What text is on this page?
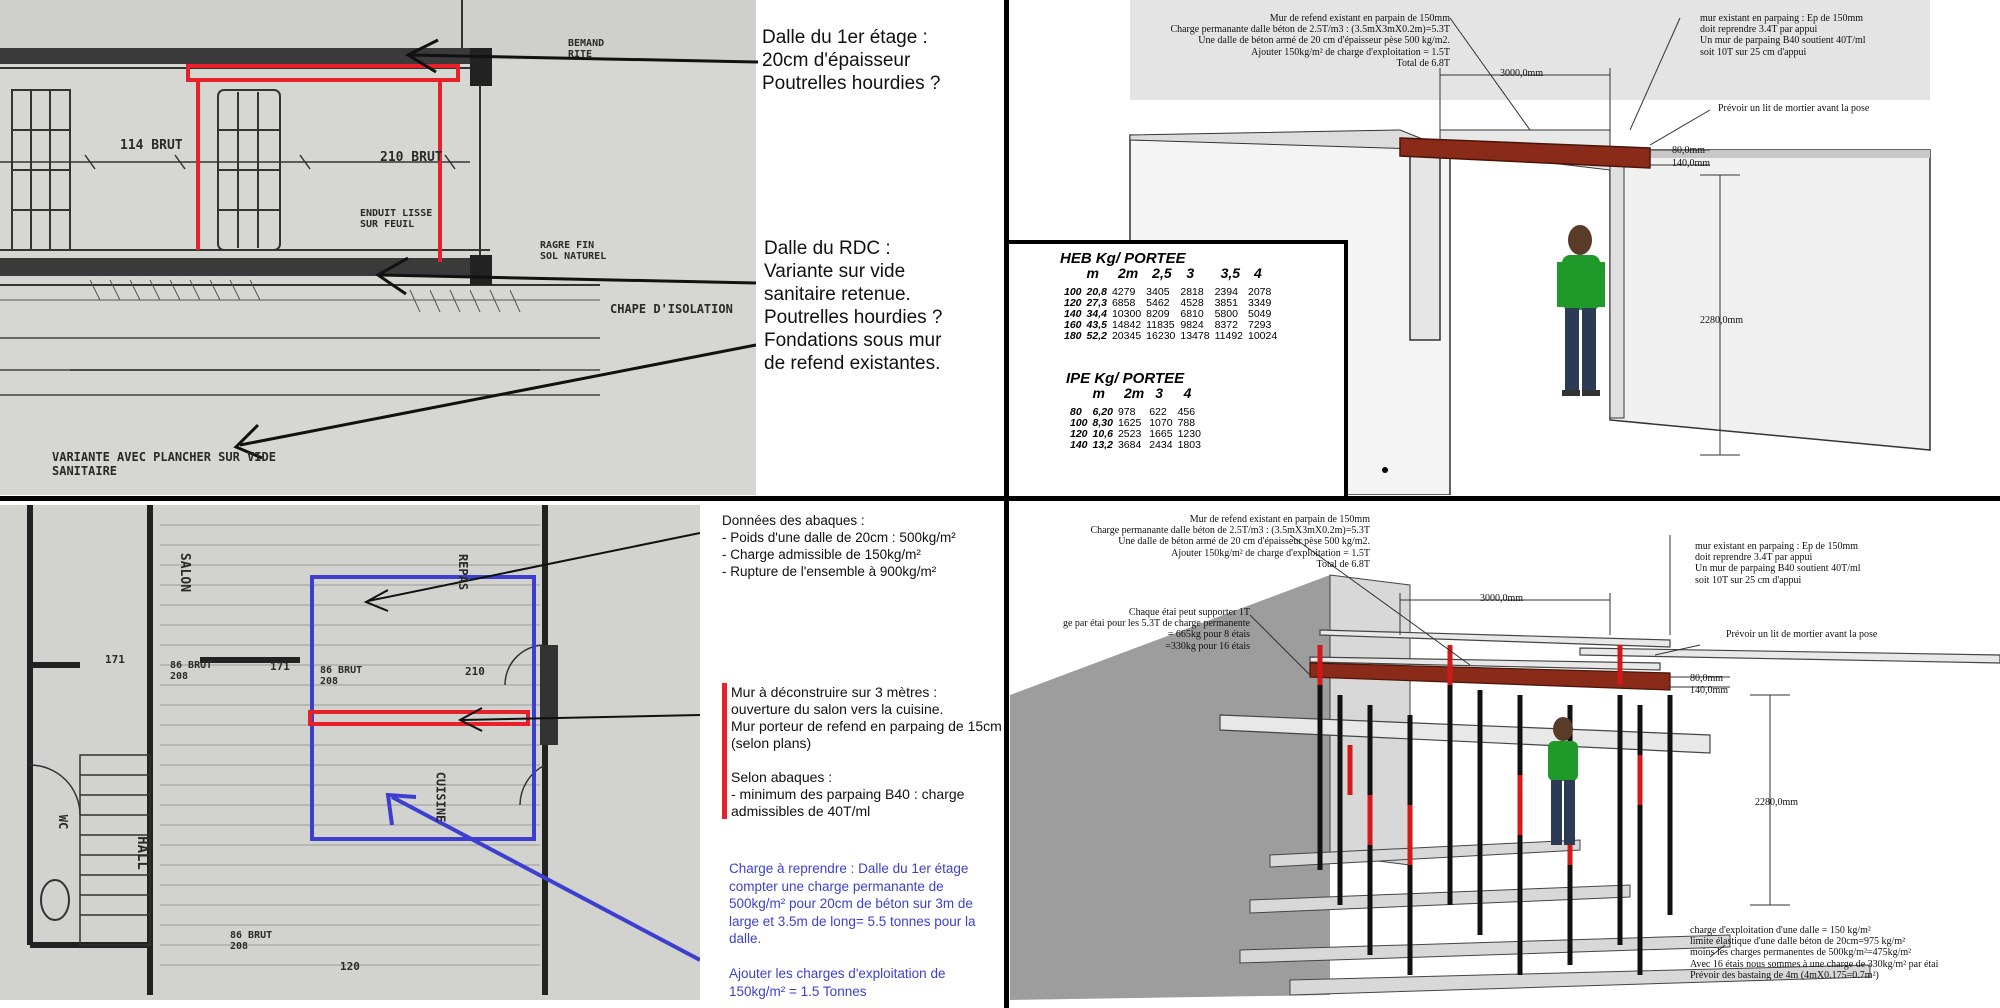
114 BRUT
210 BRUT
ENDUIT LISSE
SUR FEUIL
CHAPE D'ISOLATION
VARIANTE AVEC PLANCHER SUR VIDE
SANITAIRE
BEMAND
RITE
RAGRE FIN
SOL NATUREL
Dalle du 1er étage :
20cm d'épaisseur
Poutrelles hourdies ?
Dalle du RDC :
Variante sur vide
sanitaire retenue.
Poutrelles hourdies ?
Fondations sous mur
de refend existantes.
Mur de refend existant en parpain de 150mm
Charge permanante dalle béton de 2.5T/m3 : (3.5mX3mX0.2m)=5.3T
Une dalle de béton armé de 20 cm d'épaisseur pèse 500 kg/m2.
Ajouter 150kg/m² de charge d'exploitation = 1.5T
Total de 6.8T
mur existant en parpaing : Ep de 150mm
doit reprendre 3.4T par appui
Un mur de parpaing B40 soutient 40T/ml
soit 10T sur 25 cm d'appui
Prévoir un lit de mortier avant la pose
3000,0mm
80,0mm
140,0mm
2280,0mm
HEB Kg/ PORTEE
	m	2m	2,5	3	3,5	4
100	20,8	4279	3405	2818	2394	2078
120	27,3	6858	5462	4528	3851	3349
140	34,4	10300	8209	6810	5800	5049
160	43,5	14842	11835	9824	8372	7293
180	52,2	20345	16230	13478	11492	10024
IPE Kg/ PORTEE
	m	2m	3	4
80	6,20	978	622	456
100	8,30	1625	1070	788
120	10,6	2523	1665	1230
140	13,2	3684	2434	1803
SALON
HALL
CUISINE
REPAS
86 BRUT
208
86 BRUT
208
86 BRUT
208
120
171
171	210
WC
Données des abaques :
- Poids d'une dalle de 20cm : 500kg/m²
- Charge admissible de 150kg/m²
- Rupture de l'ensemble à 900kg/m²
Mur à déconstruire sur 3 mètres :
ouverture du salon vers la cuisine.
Mur porteur de refend en parpaing de 15cm
(selon plans)

Selon abaques :
- minimum des parpaing B40 : charge
admissibles de 40T/ml
Charge à reprendre : Dalle du 1er étage
compter une charge permanante de
500kg/m² pour 20cm de béton sur 3m de
large et 3.5m de long= 5.5 tonnes pour la
dalle.

Ajouter les charges d'exploitation de
150kg/m² = 1.5 Tonnes
Mur de refend existant en parpain de 150mm
Charge permanante dalle béton de 2.5T/m3 : (3.5mX3mX0.2m)=5.3T
Une dalle de béton armé de 20 cm d'épaisseur pèse 500 kg/m2.
Ajouter 150kg/m² de charge d'exploitation = 1.5T
Total de 6.8T
mur existant en parpaing : Ep de 150mm
doit reprendre 3.4T par appui
Un mur de parpaing B40 soutient 40T/ml
soit 10T sur 25 cm d'appui
Chaque étai peut supporter 1T
ge par étai pour les 5.3T de charge permanente
= 665kg pour 8 étais
=330kg pour 16 étais
Prévoir un lit de mortier avant la pose
3000,0mm
80,0mm
140,0mm
2280,0mm
charge d'exploitation d'une dalle = 150 kg/m²
limite élastique d'une dalle béton de 20cm=975 kg/m²
moins les charges permanentes de 500kg/m²=475kg/m²
Avec 16 étais nous sommes à une charge de 330kg/m² par étai
Prévoir des bastaing de 4m (4mX0.175=0.7m²)
